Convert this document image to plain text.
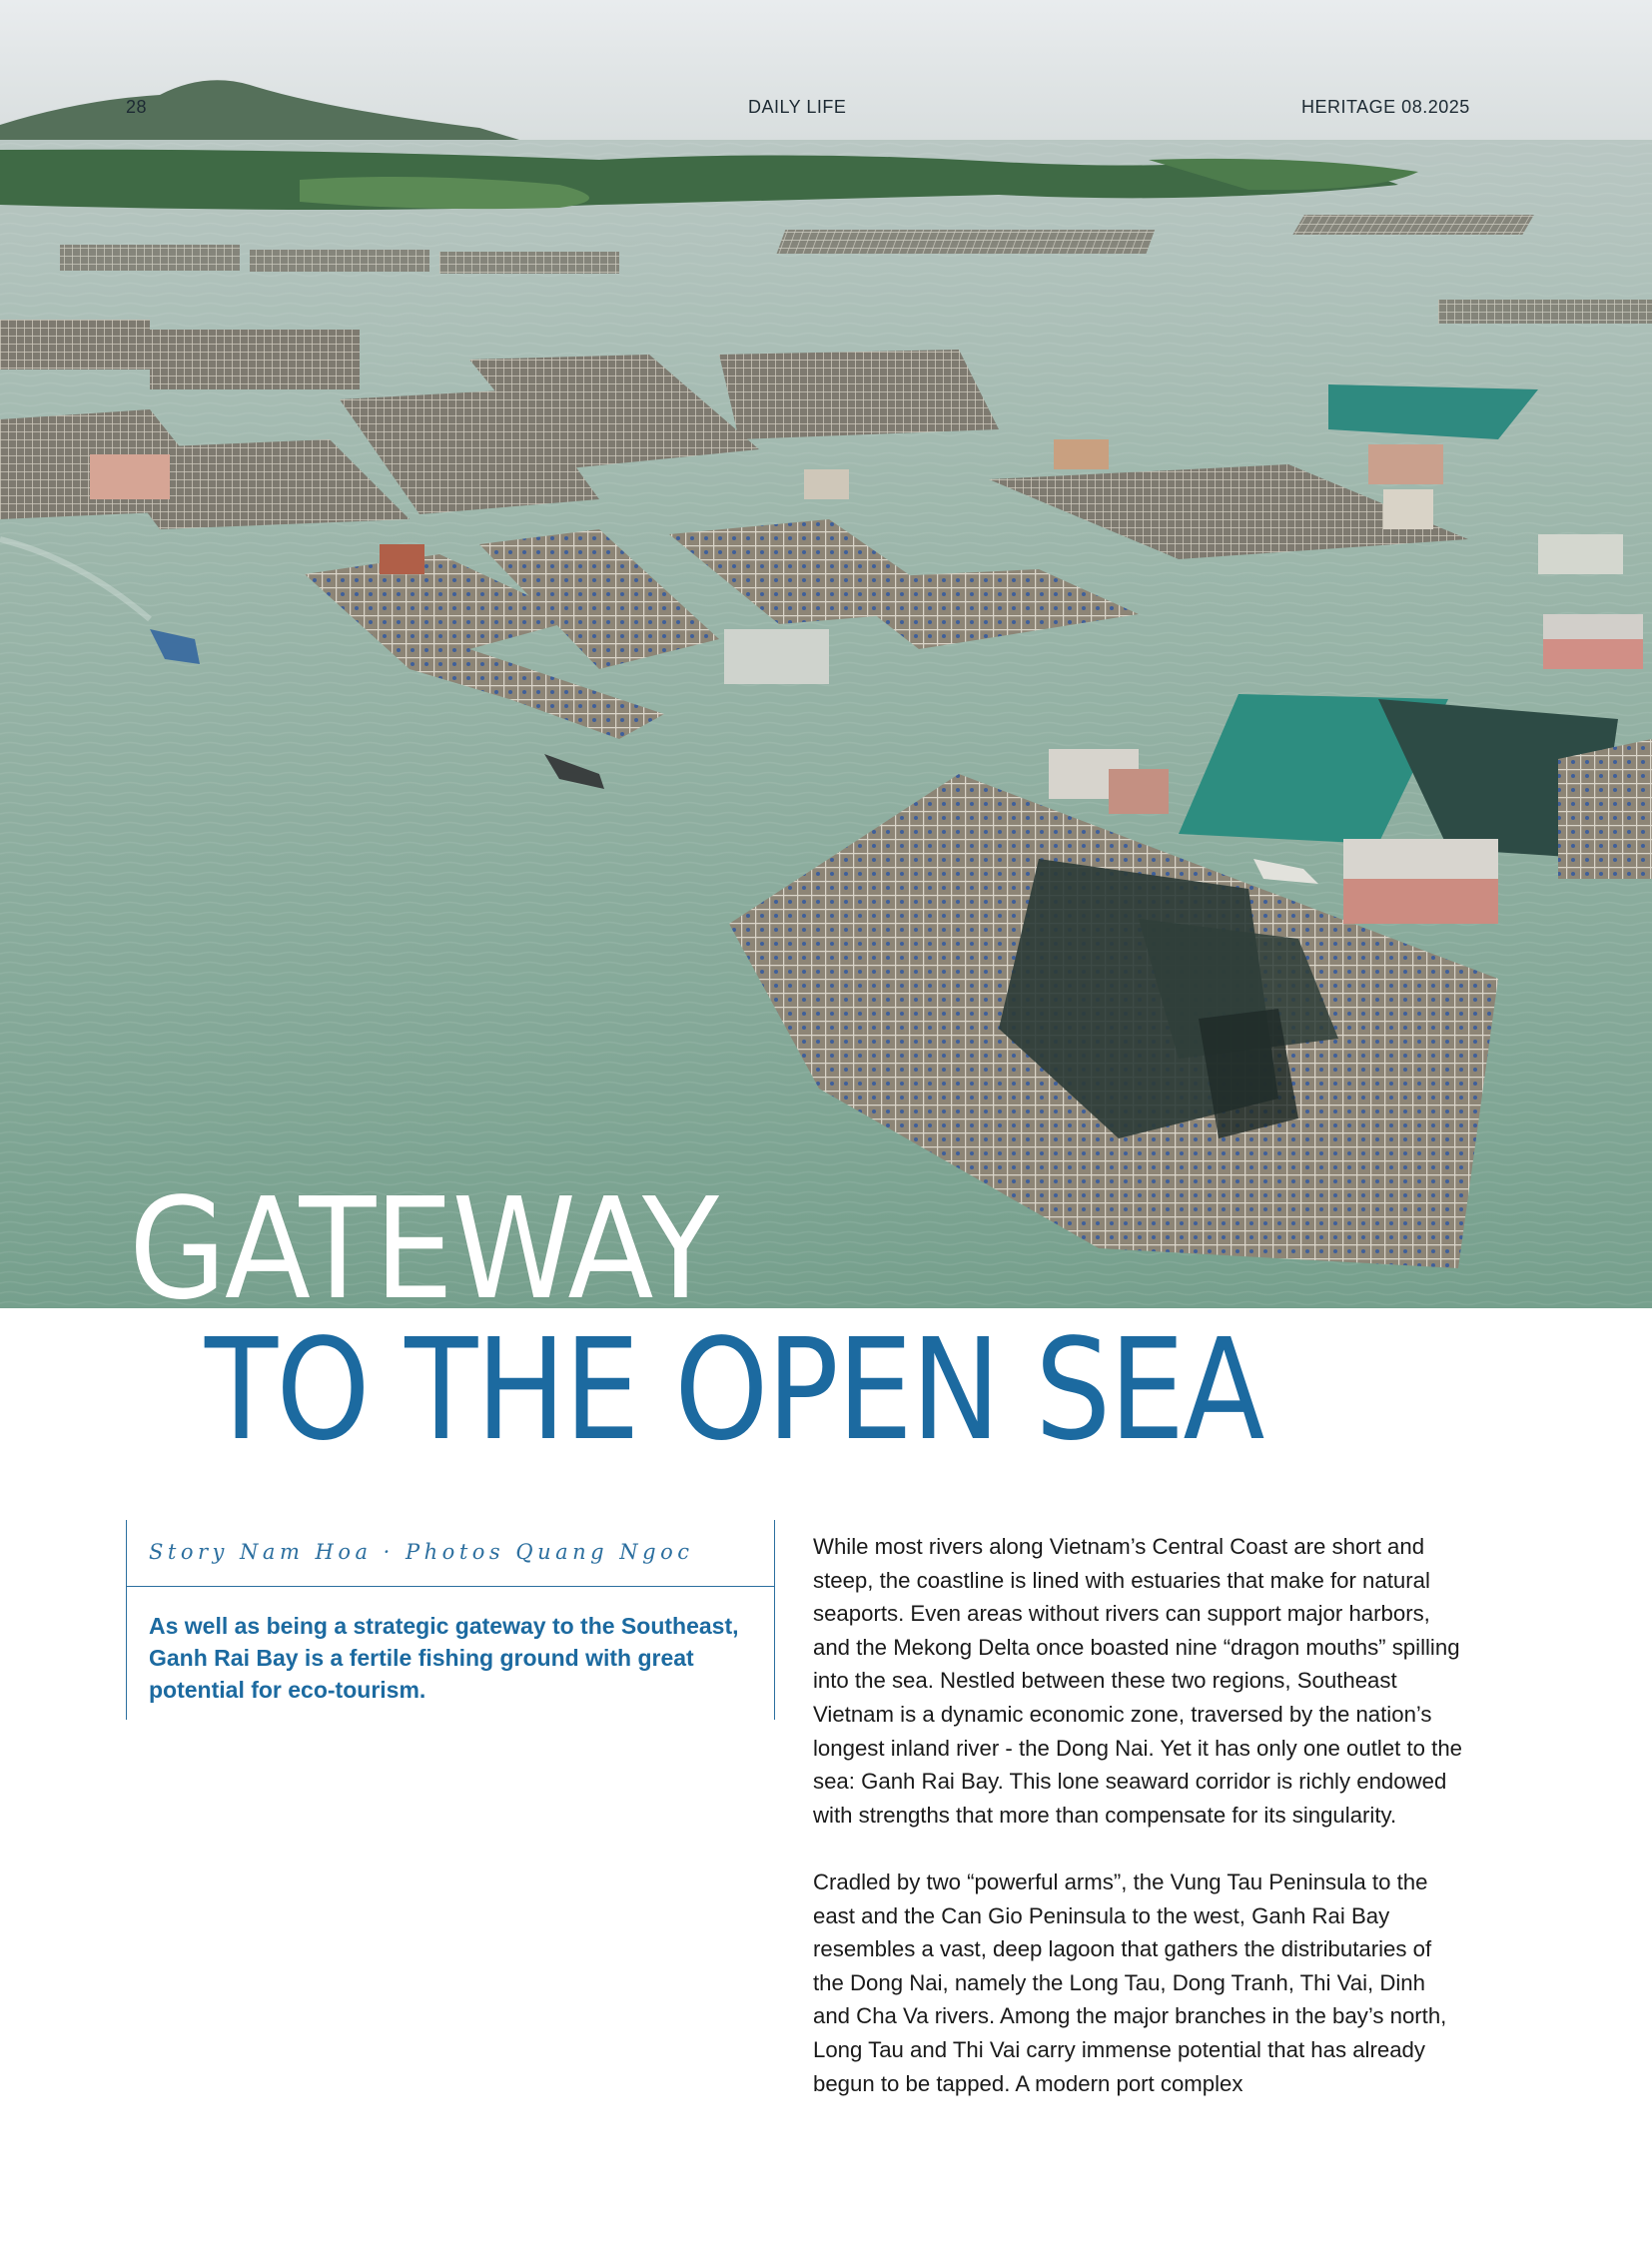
28	DAILY LIFE	HERITAGE 08.2025
GATEWAY
TO THE OPEN SEA

Story Nam Hoa · Photos Quang Ngoc

As well as being a strategic gateway to the Southeast, Ganh Rai Bay is a fertile fishing ground with great potential for eco-tourism.

While most rivers along Vietnam’s Central Coast are short and steep, the coastline is lined with estuaries that make for natural seaports. Even areas without rivers can support major harbors, and the Mekong Delta once boasted nine “dragon mouths” spilling into the sea. Nestled between these two regions, Southeast Vietnam is a dynamic economic zone, traversed by the nation’s longest inland river - the Dong Nai. Yet it has only one outlet to the sea: Ganh Rai Bay. This lone seaward corridor is richly endowed with strengths that more than compensate for its singularity.

Cradled by two “powerful arms”, the Vung Tau Peninsula to the east and the Can Gio Peninsula to the west, Ganh Rai Bay resembles a vast, deep lagoon that gathers the distributaries of the Dong Nai, namely the Long Tau, Dong Tranh, Thi Vai, Dinh and Cha Va rivers. Among the major branches in the bay’s north, Long Tau and Thi Vai carry immense potential that has already begun to be tapped. A modern port complex
